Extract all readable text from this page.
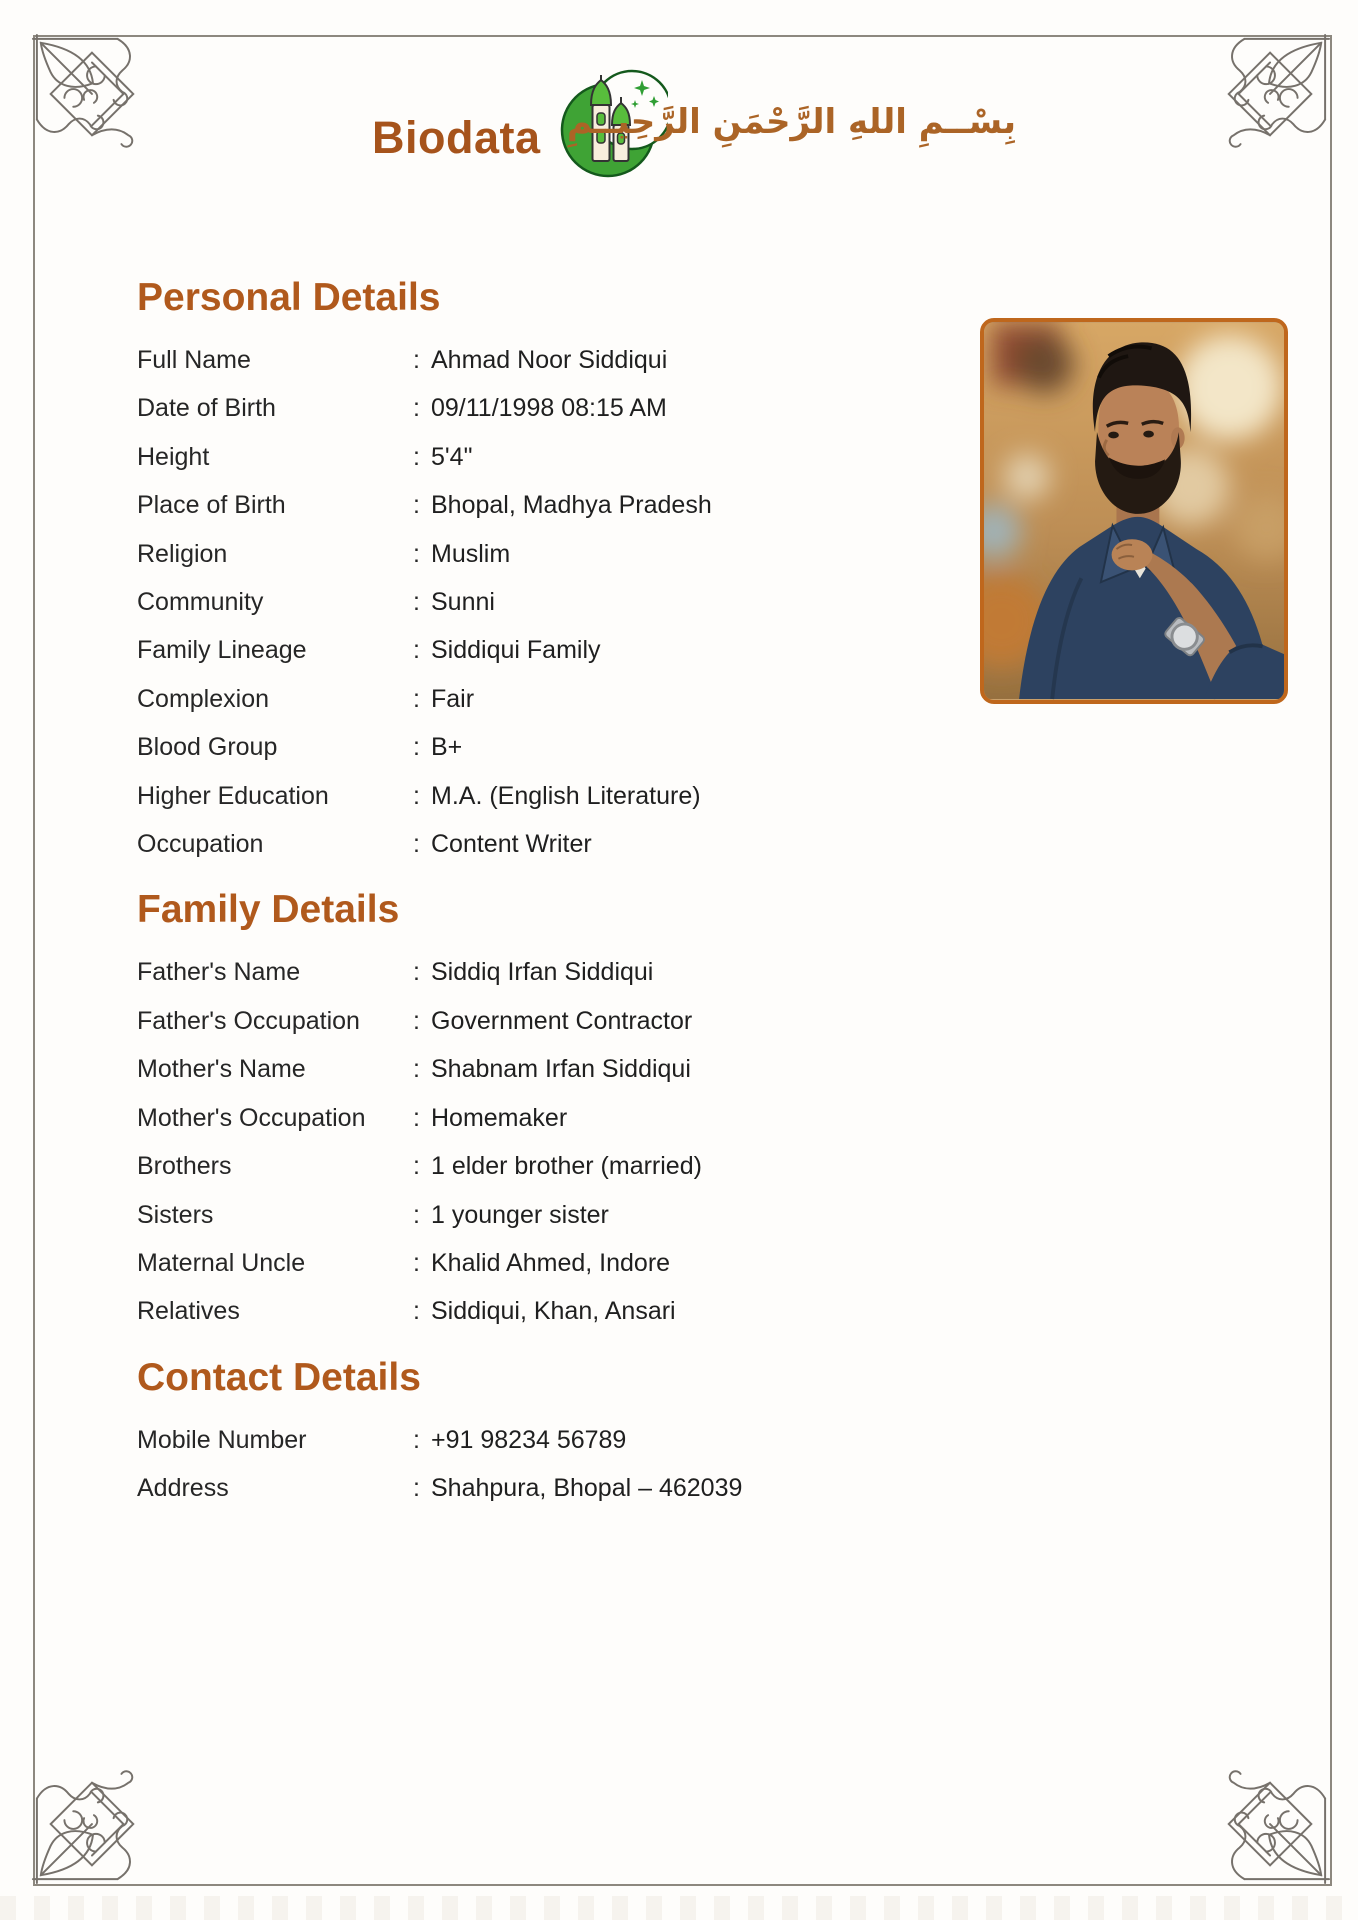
Biodata بِسْــمِ اللهِ الرَّحْمَنِ الرَّحِيــمِ
Personal Details
Full Name	: Ahmad Noor Siddiqui
Date of Birth	: 09/11/1998 08:15 AM
Height	: 5'4"
Place of Birth	: Bhopal, Madhya Pradesh
Religion	: Muslim
Community	: Sunni
Family Lineage	: Siddiqui Family
Complexion	: Fair
Blood Group	: B+
Higher Education	: M.A. (English Literature)
Occupation	: Content Writer
Family Details
Father's Name	: Siddiq Irfan Siddiqui
Father's Occupation	: Government Contractor
Mother's Name	: Shabnam Irfan Siddiqui
Mother's Occupation	: Homemaker
Brothers	: 1 elder brother (married)
Sisters	: 1 younger sister
Maternal Uncle	: Khalid Ahmed, Indore
Relatives	: Siddiqui, Khan, Ansari
Contact Details
Mobile Number	: +91 98234 56789
Address	: Shahpura, Bhopal – 462039
